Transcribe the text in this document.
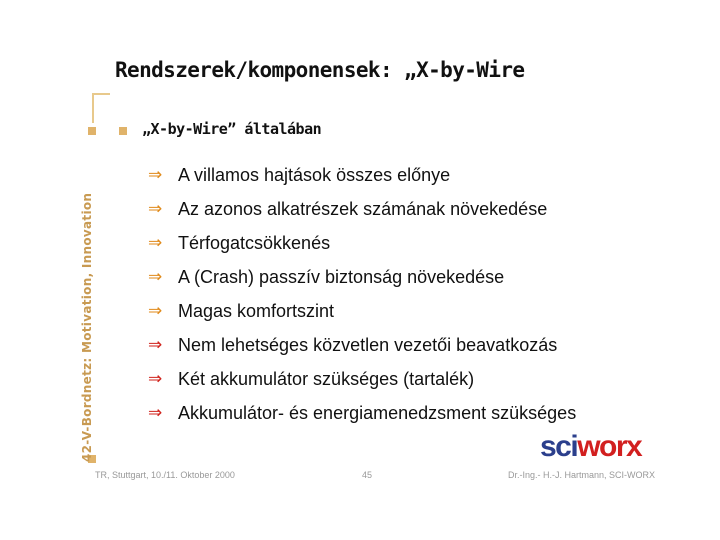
Rendszerek/komponensek: „X-by-Wire
42-V-Bordnetz: Motivation, Innovation
„X-by-Wire” általában
⇒ A villamos hajtások összes előnye
⇒ Az azonos alkatrészek számának növekedése
⇒ Térfogatcsökkenés
⇒ A (Crash) passzív biztonság növekedése
⇒ Magas komfortszint
⇒ Nem lehetséges közvetlen vezetői beavatkozás
⇒ Két akkumulátor szükséges (tartalék)
⇒ Akkumulátor- és energiamenedzsment szükséges
sciworx
TR, Stuttgart, 10./11. Oktober 2000	45	Dr.-Ing.- H.-J. Hartmann, SCI-WORX
